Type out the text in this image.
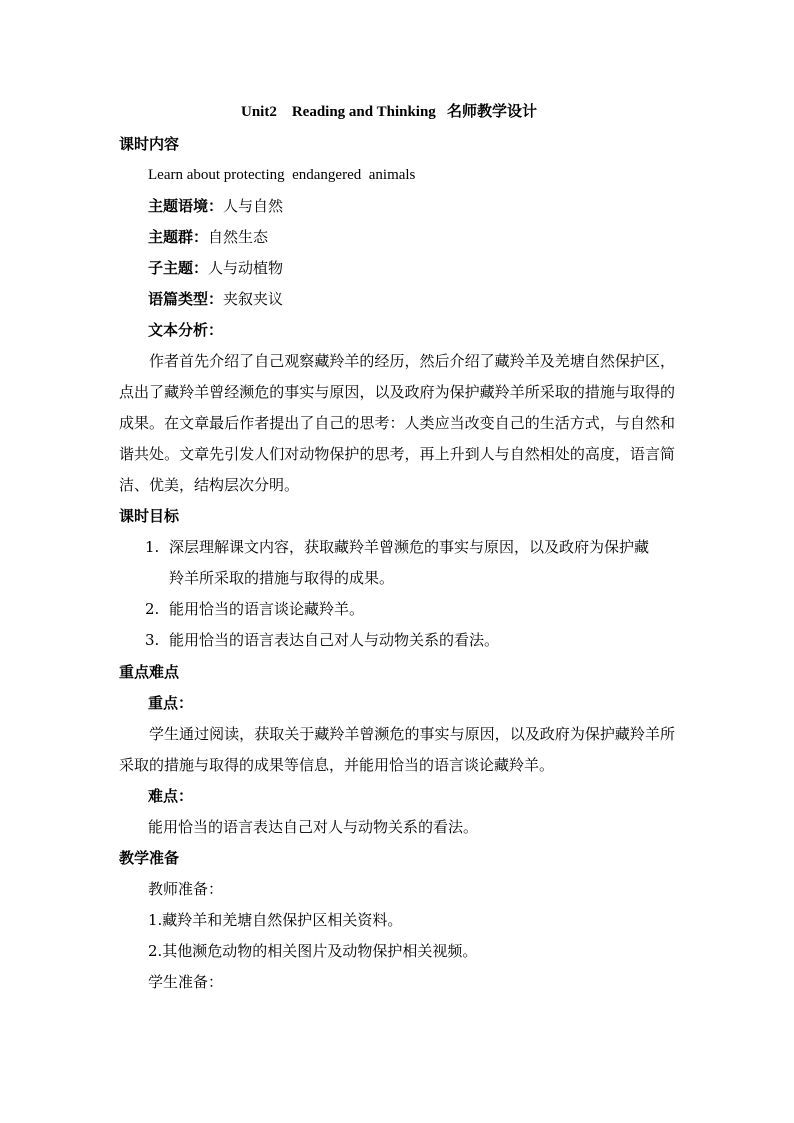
Unit2    Reading and Thinking   名师教学设计
课时内容
Learn about protecting  endangered  animals
主题语境：人与自然
主题群：自然生态
子主题：人与动植物
语篇类型：夹叙夹议
文本分析：
作者首先介绍了自己观察藏羚羊的经历，然后介绍了藏羚羊及羌塘自然保护区，点出了藏羚羊曾经濒危的事实与原因，以及政府为保护藏羚羊所采取的措施与取得的成果。在文章最后作者提出了自己的思考：人类应当改变自己的生活方式，与自然和谐共处。文章先引发人们对动物保护的思考，再上升到人与自然相处的高度，语言简洁、优美，结构层次分明。
课时目标
1. 深层理解课文内容，获取藏羚羊曾濒危的事实与原因，以及政府为保护藏
羚羊所采取的措施与取得的成果。
2. 能用恰当的语言谈论藏羚羊。
3. 能用恰当的语言表达自己对人与动物关系的看法。
重点难点
重点：
学生通过阅读，获取关于藏羚羊曾濒危的事实与原因，以及政府为保护藏羚羊所采取的措施与取得的成果等信息，并能用恰当的语言谈论藏羚羊。
难点：
能用恰当的语言表达自己对人与动物关系的看法。
教学准备
教师准备：
1.藏羚羊和羌塘自然保护区相关资料。
2.其他濒危动物的相关图片及动物保护相关视频。
学生准备：
